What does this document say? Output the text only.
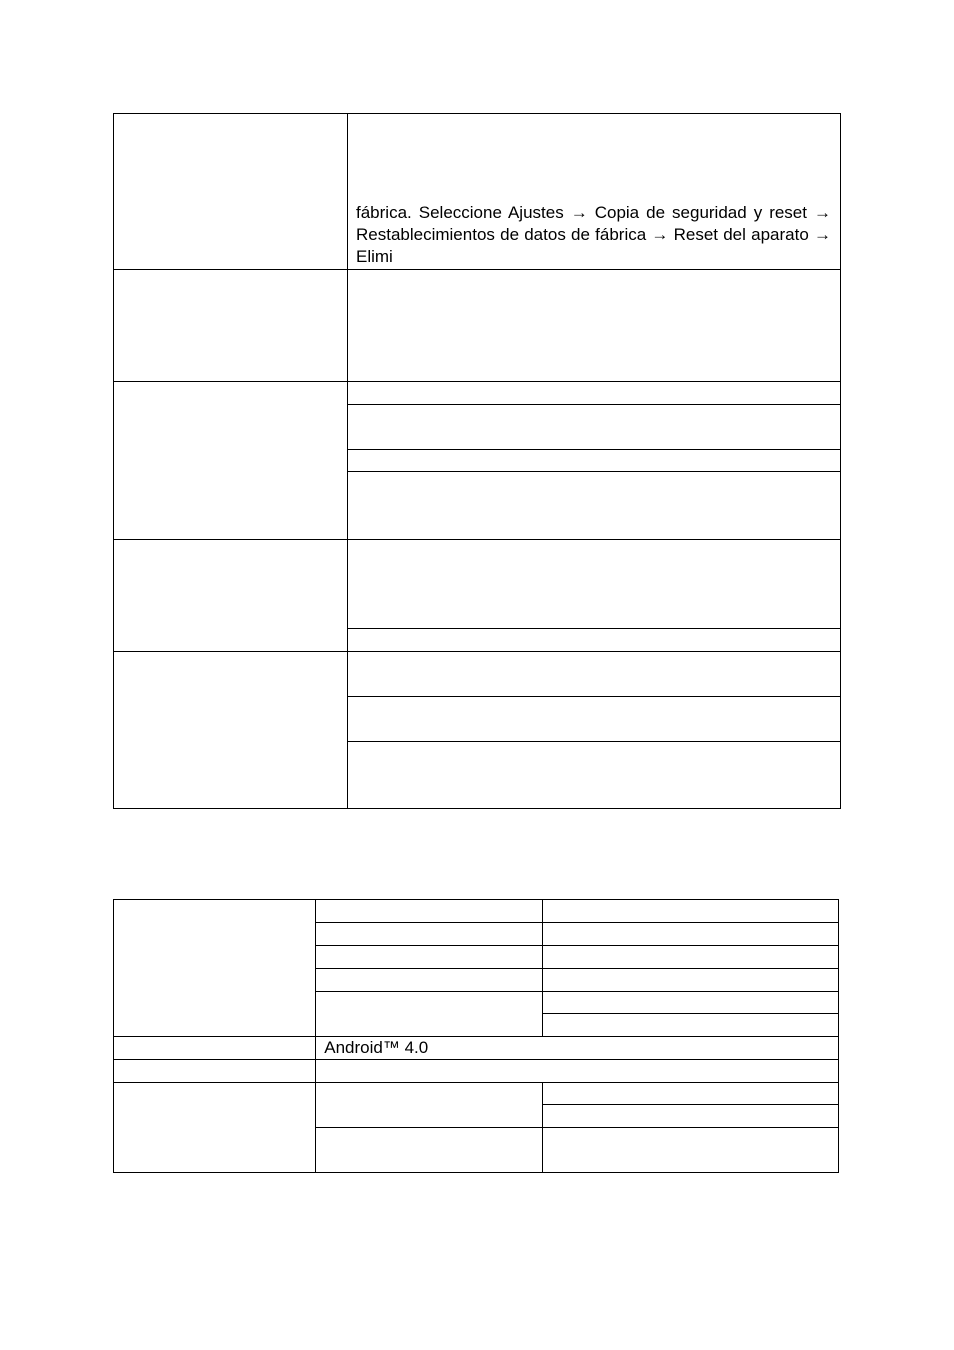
	fábrica. Seleccione Ajustes → Copia de seguridad y reset → Restablecimientos de datos de fábrica → Reset del aparato → Elimi

	Android™ 4.0	
